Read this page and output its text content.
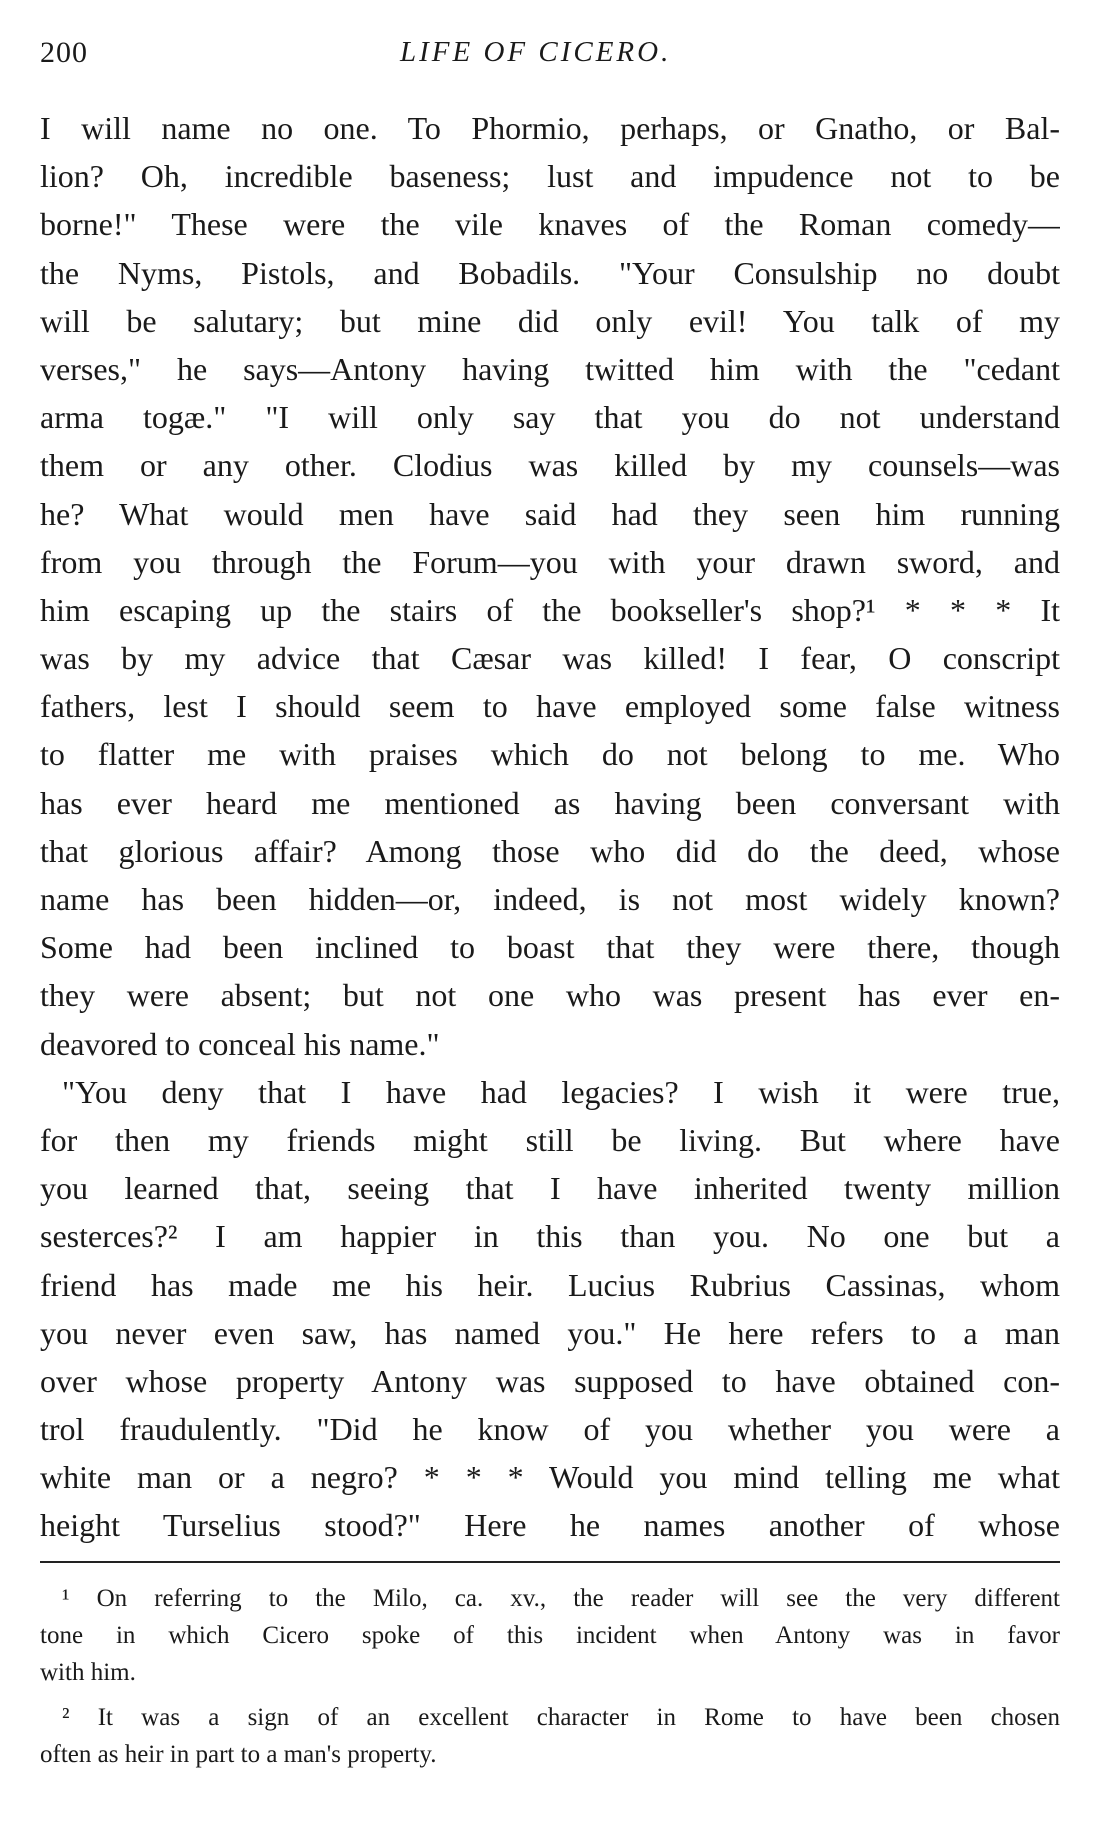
200	LIFE OF CICERO.
I will name no one. To Phormio, perhaps, or Gnatho, or Bal-
lion? Oh, incredible baseness; lust and impudence not to be
borne!" These were the vile knaves of the Roman comedy—
the Nyms, Pistols, and Bobadils. "Your Consulship no doubt
will be salutary; but mine did only evil! You talk of my
verses," he says—Antony having twitted him with the "cedant
arma togæ." "I will only say that you do not understand
them or any other. Clodius was killed by my counsels—was
he? What would men have said had they seen him running
from you through the Forum—you with your drawn sword, and
him escaping up the stairs of the bookseller's shop?¹ * * * It
was by my advice that Cæsar was killed! I fear, O conscript
fathers, lest I should seem to have employed some false witness
to flatter me with praises which do not belong to me. Who
has ever heard me mentioned as having been conversant with
that glorious affair? Among those who did do the deed, whose
name has been hidden—or, indeed, is not most widely known?
Some had been inclined to boast that they were there, though
they were absent; but not one who was present has ever en-
deavored to conceal his name."
"You deny that I have had legacies? I wish it were true,
for then my friends might still be living. But where have
you learned that, seeing that I have inherited twenty million
sesterces?² I am happier in this than you. No one but a
friend has made me his heir. Lucius Rubrius Cassinas, whom
you never even saw, has named you." He here refers to a man
over whose property Antony was supposed to have obtained con-
trol fraudulently. "Did he know of you whether you were a
white man or a negro? * * * Would you mind telling me what
height Turselius stood?" Here he names another of whose
¹ On referring to the Milo, ca. xv., the reader will see the very different
tone in which Cicero spoke of this incident when Antony was in favor
with him.
² It was a sign of an excellent character in Rome to have been chosen
often as heir in part to a man's property.
